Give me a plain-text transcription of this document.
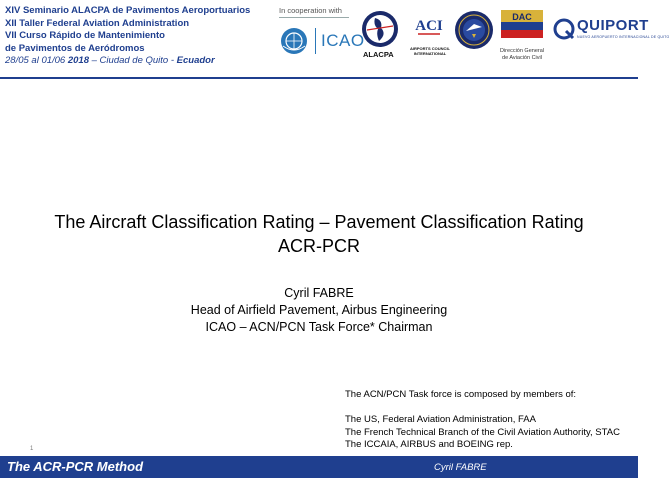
XIV Seminario ALACPA de Pavimentos Aeroportuarios
XII Taller Federal Aviation Administration
VII Curso Rápido de Mantenimiento
de Pavimentos de Aeródromos
28/05 al 01/06 2018 – Ciudad de Quito - Ecuador
In cooperation with
ICAO
ALACPA
ACI
AIRPORTS COUNCIL INTERNATIONAL
DAC
Dirección General
de Aviación Civil
QUIPORT
NUEVO AEROPUERTO INTERNACIONAL DE QUITO
The Aircraft Classification Rating – Pavement Classification Rating
ACR-PCR
Cyril FABRE
Head of Airfield Pavement, Airbus Engineering
ICAO – ACN/PCN Task Force* Chairman
The ACN/PCN Task force is composed by members of:
The US, Federal Aviation Administration, FAA
The French Technical Branch of the Civil Aviation Authority, STAC
The ICCAIA, AIRBUS and BOEING rep.
1
The ACR-PCR Method	Cyril FABRE
